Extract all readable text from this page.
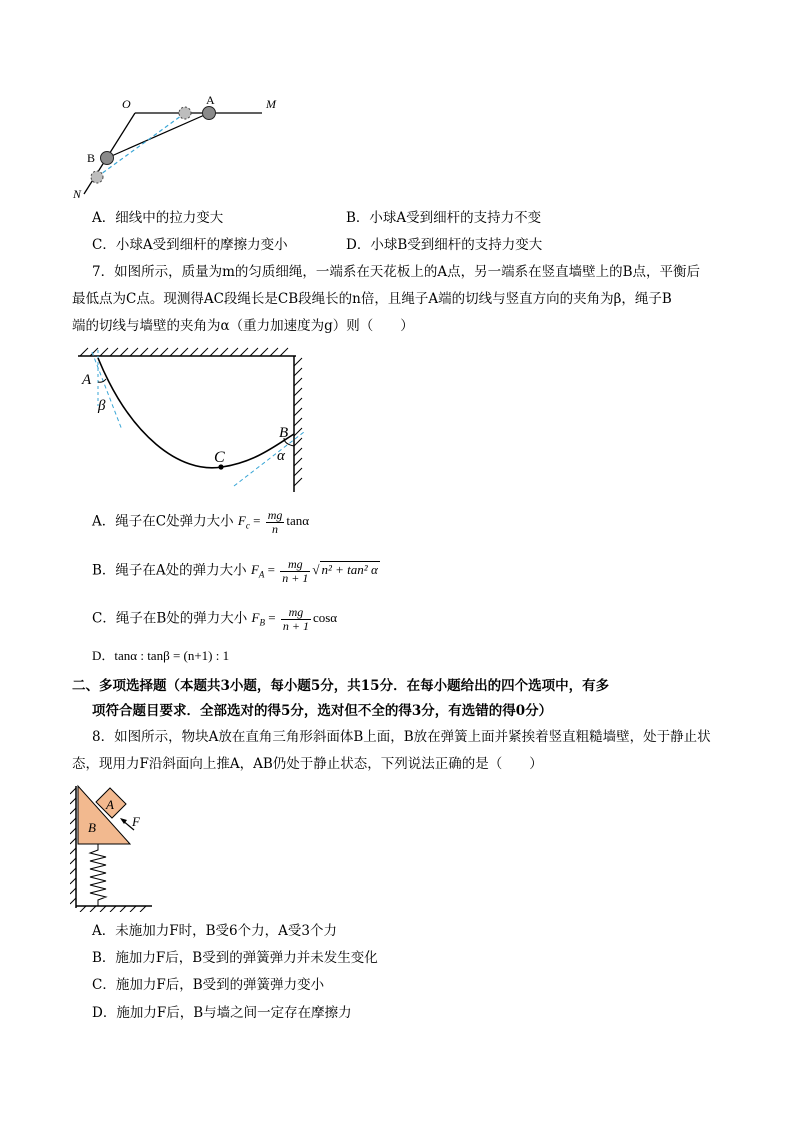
O	A	M
B
N
A．细线中的拉力变大	B．小球A受到细杆的支持力不变
C．小球A受到细杆的摩擦力变小	D．小球B受到细杆的支持力变大
7．如图所示，质量为m的匀质细绳，一端系在天花板上的A点，另一端系在竖直墙壁上的B点，平衡后
最低点为C点。现测得AC段绳长是CB段绳长的n倍，且绳子A端的切线与竖直方向的夹角为β，绳子B
端的切线与墙壁的夹角为α（重力加速度为g）则（　　）
A
β
B
C	α
A．绳子在C处弹力大小 $F_c = \frac{mg}{n}$ tanα
B．绳子在A处的弹力大小 $F_A = \frac{mg}{n + 1}$ √ n² + tan² α
C．绳子在B处的弹力大小 $F_B = \frac{mg}{n + 1}$ cosα
D．tanα : tanβ = (n+1) : 1
二、多项选择题（本题共3小题，每小题5分，共15分．在每小题给出的四个选项中，有多
项符合题目要求．全部选对的得5分，选对但不全的得3分，有选错的得0分）
8．如图所示，物块A放在直角三角形斜面体B上面，B放在弹簧上面并紧挨着竖直粗糙墙壁，处于静止状
态，现用力F沿斜面向上推A，AB仍处于静止状态，下列说法正确的是（　　）
A
B	F
A．未施加力F时，B受6个力，A受3个力
B．施加力F后，B受到的弹簧弹力并未发生变化
C．施加力F后，B受到的弹簧弹力变小
D．施加力F后，B与墙之间一定存在摩擦力
